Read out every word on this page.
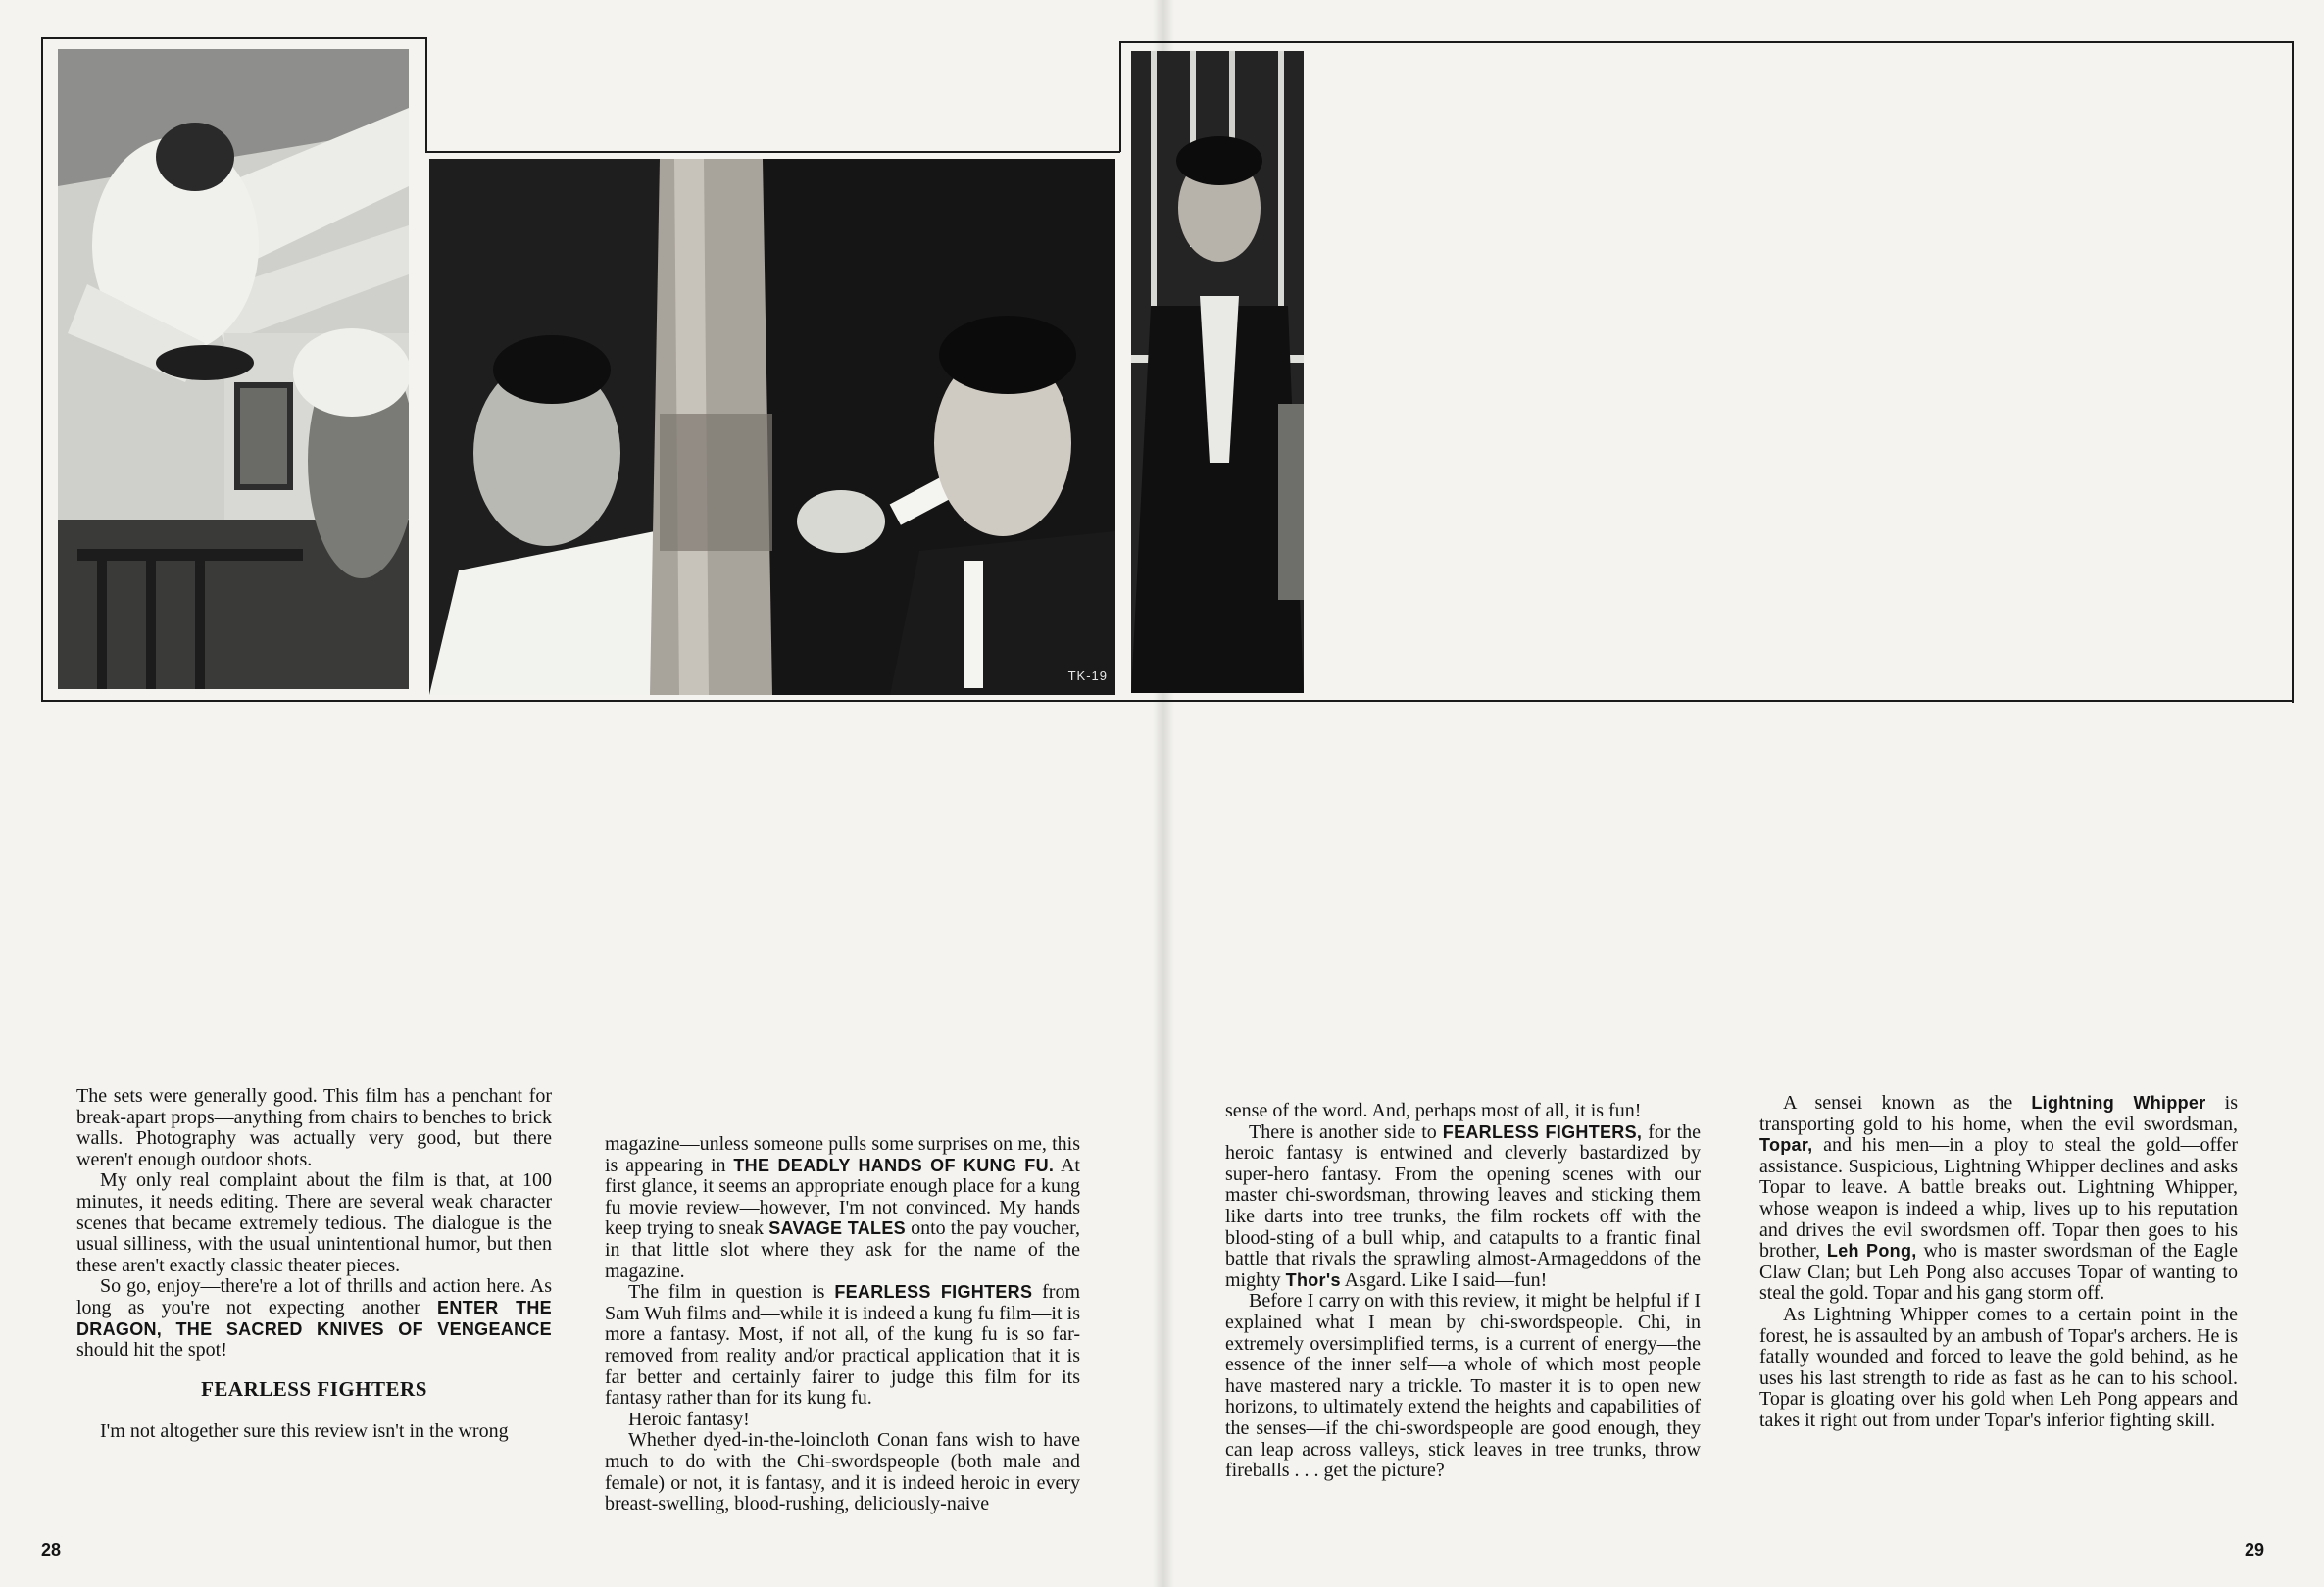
TK-19

The sets were generally good. This film has a penchant for break-apart props—anything from chairs to benches to brick walls. Photography was actually very good, but there weren't enough outdoor shots.

My only real complaint about the film is that, at 100 minutes, it needs editing. There are several weak character scenes that became extremely tedious. The dialogue is the usual silliness, with the usual unintentional humor, but then these aren't exactly classic theater pieces.

So go, enjoy—there're a lot of thrills and action here. As long as you're not expecting another ENTER THE DRAGON, THE SACRED KNIVES OF VENGEANCE should hit the spot!

FEARLESS FIGHTERS

I'm not altogether sure this review isn't in the wrong

magazine—unless someone pulls some surprises on me, this is appearing in THE DEADLY HANDS OF KUNG FU. At first glance, it seems an appropriate enough place for a kung fu movie review—however, I'm not convinced. My hands keep trying to sneak SAVAGE TALES onto the pay voucher, in that little slot where they ask for the name of the magazine.

The film in question is FEARLESS FIGHTERS from Sam Wuh films and—while it is indeed a kung fu film—it is more a fantasy. Most, if not all, of the kung fu is so far-removed from reality and/or practical application that it is far better and certainly fairer to judge this film for its fantasy rather than for its kung fu.

Heroic fantasy!

Whether dyed-in-the-loincloth Conan fans wish to have much to do with the Chi-swordspeople (both male and female) or not, it is fantasy, and it is indeed heroic in every breast-swelling, blood-rushing, deliciously-naive

sense of the word. And, perhaps most of all, it is fun!

There is another side to FEARLESS FIGHTERS, for the heroic fantasy is entwined and cleverly bastardized by super-hero fantasy. From the opening scenes with our master chi-swordsman, throwing leaves and sticking them like darts into tree trunks, the film rockets off with the blood-sting of a bull whip, and catapults to a frantic final battle that rivals the sprawling almost-Armageddons of the mighty Thor's Asgard. Like I said—fun!

Before I carry on with this review, it might be helpful if I explained what I mean by chi-swordspeople. Chi, in extremely oversimplified terms, is a current of energy—the essence of the inner self—a whole of which most people have mastered nary a trickle. To master it is to open new horizons, to ultimately extend the heights and capabilities of the senses—if the chi-swordspeople are good enough, they can leap across valleys, stick leaves in tree trunks, throw fireballs . . . get the picture?

A sensei known as the Lightning Whipper is transporting gold to his home, when the evil swordsman, Topar, and his men—in a ploy to steal the gold—offer assistance. Suspicious, Lightning Whipper declines and asks Topar to leave. A battle breaks out. Lightning Whipper, whose weapon is indeed a whip, lives up to his reputation and drives the evil swordsmen off. Topar then goes to his brother, Leh Pong, who is master swordsman of the Eagle Claw Clan; but Leh Pong also accuses Topar of wanting to steal the gold. Topar and his gang storm off.

As Lightning Whipper comes to a certain point in the forest, he is assaulted by an ambush of Topar's archers. He is fatally wounded and forced to leave the gold behind, as he uses his last strength to ride as fast as he can to his school. Topar is gloating over his gold when Leh Pong appears and takes it right out from under Topar's inferior fighting skill.

28	29
